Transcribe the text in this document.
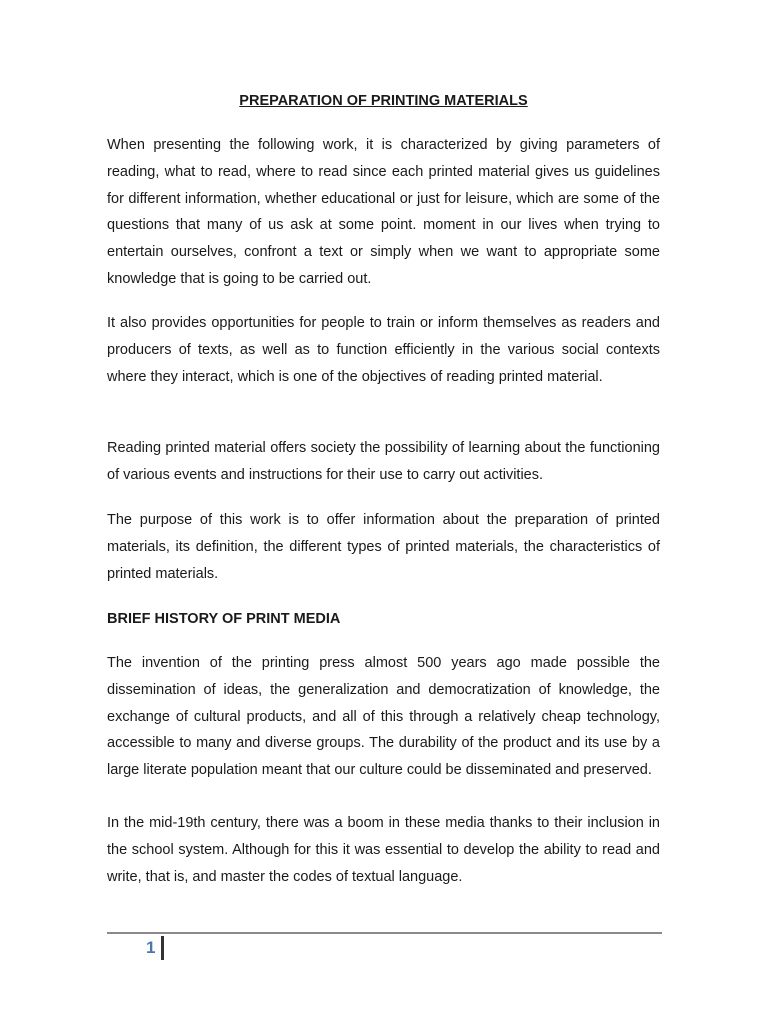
PREPARATION OF PRINTING MATERIALS

When presenting the following work, it is characterized by giving parameters of reading, what to read, where to read since each printed material gives us guidelines for different information, whether educational or just for leisure, which are some of the questions that many of us ask at some point. moment in our lives when trying to entertain ourselves, confront a text or simply when we want to appropriate some knowledge that is going to be carried out.

It also provides opportunities for people to train or inform themselves as readers and producers of texts, as well as to function efficiently in the various social contexts where they interact, which is one of the objectives of reading printed material.

Reading printed material offers society the possibility of learning about the functioning of various events and instructions for their use to carry out activities.

The purpose of this work is to offer information about the preparation of printed materials, its definition, the different types of printed materials, the characteristics of printed materials.

BRIEF HISTORY OF PRINT MEDIA

The invention of the printing press almost 500 years ago made possible the dissemination of ideas, the generalization and democratization of knowledge, the exchange of cultural products, and all of this through a relatively cheap technology, accessible to many and diverse groups. The durability of the product and its use by a large literate population meant that our culture could be disseminated and preserved.

In the mid-19th century, there was a boom in these media thanks to their inclusion in the school system. Although for this it was essential to develop the ability to read and write, that is, and master the codes of textual language.

1
